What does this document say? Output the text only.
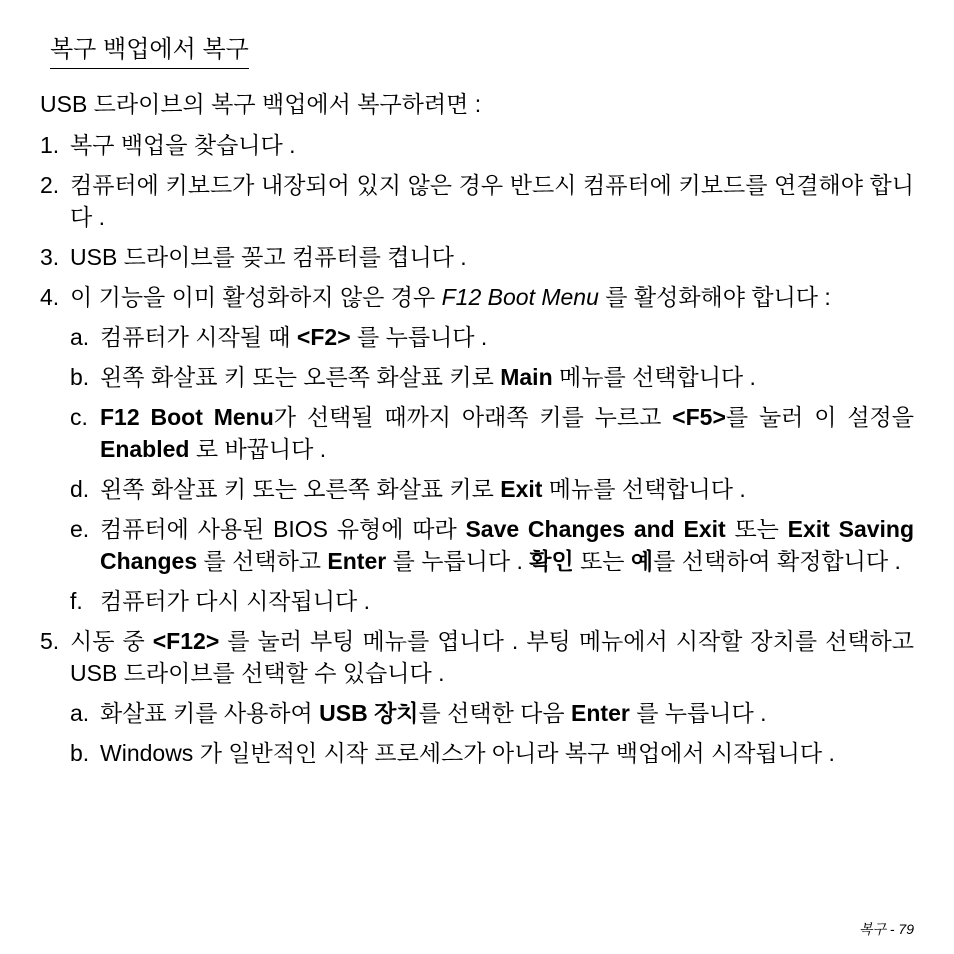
복구 백업에서 복구

USB 드라이브의 복구 백업에서 복구하려면 :

1. 복구 백업을 찾습니다 .
2. 컴퓨터에 키보드가 내장되어 있지 않은 경우 반드시 컴퓨터에 키보드를 연결해야 합니다 .
3. USB 드라이브를 꽂고 컴퓨터를 켭니다 .
4. 이 기능을 이미 활성화하지 않은 경우 F12 Boot Menu 를 활성화해야 합니다 :
a. 컴퓨터가 시작될 때 <F2> 를 누릅니다 .
b. 왼쪽 화살표 키 또는 오른쪽 화살표 키로 Main 메뉴를 선택합니다 .
c. F12 Boot Menu가 선택될 때까지 아래쪽 키를 누르고 <F5>를 눌러 이 설정을 Enabled 로 바꿉니다 .
d. 왼쪽 화살표 키 또는 오른쪽 화살표 키로 Exit 메뉴를 선택합니다 .
e. 컴퓨터에 사용된 BIOS 유형에 따라 Save Changes and Exit 또는 Exit Saving Changes 를 선택하고 Enter 를 누릅니다 . 확인 또는 예를 선택하여 확정합니다 .
f. 컴퓨터가 다시 시작됩니다 .
5. 시동 중 <F12> 를 눌러 부팅 메뉴를 엽니다 . 부팅 메뉴에서 시작할 장치를 선택하고 USB 드라이브를 선택할 수 있습니다 .
a. 화살표 키를 사용하여 USB 장치를 선택한 다음 Enter 를 누릅니다 .
b. Windows 가 일반적인 시작 프로세스가 아니라 복구 백업에서 시작됩니다 .
복구 - 79
